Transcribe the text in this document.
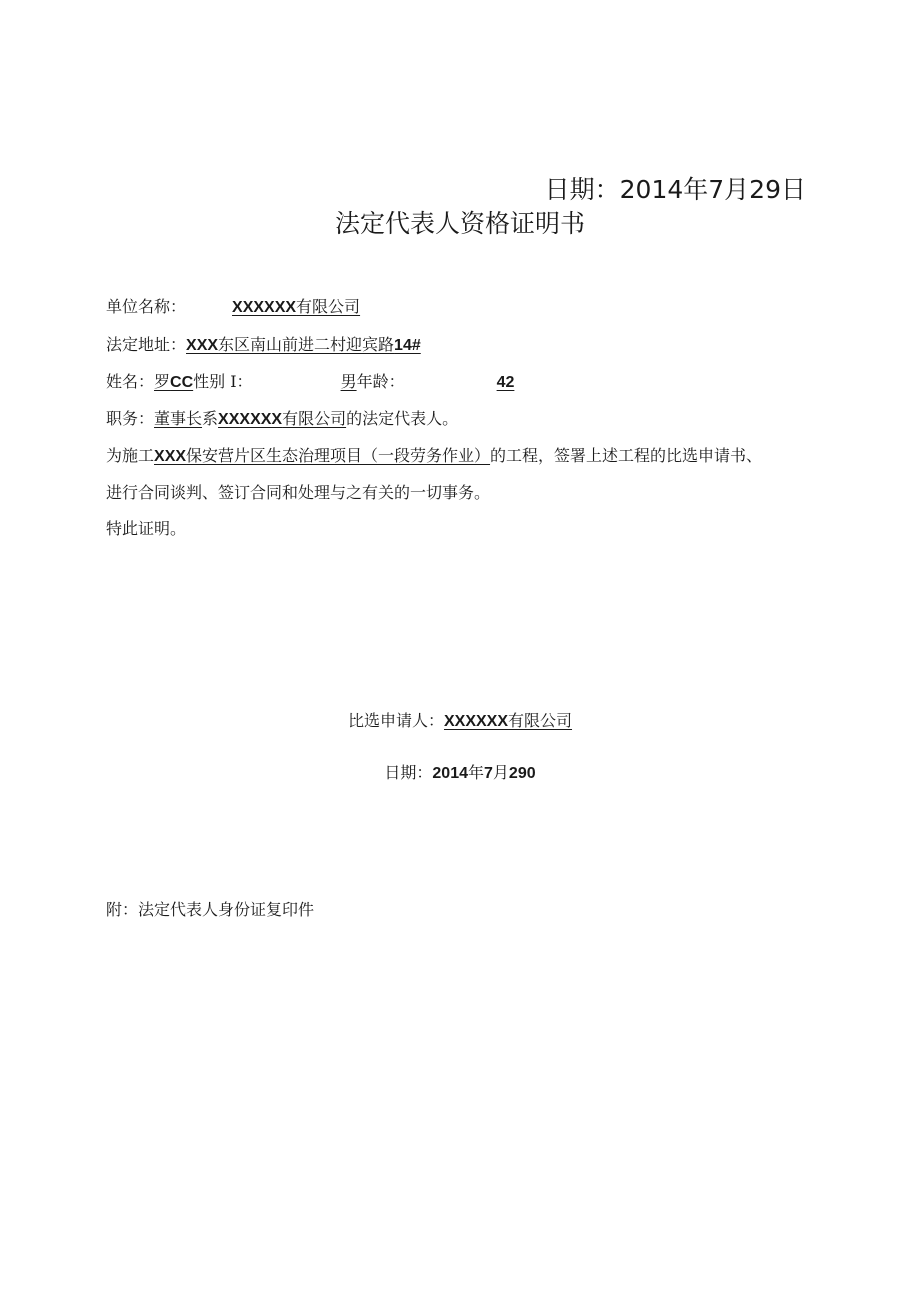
日期：2014年7月29日
法定代表人资格证明书
单位名称：	XXXXXX有限公司
法定地址：XXX东区南山前进二村迎宾路14#
姓名：罗CC性别 I：	男年龄：	42
职务：董事长系XXXXXX有限公司的法定代表人。
为施工XXX保安营片区生态治理项目（一段劳务作业）的工程，签署上述工程的比选申请书、
进行合同谈判、签订合同和处理与之有关的一切事务。
特此证明。
比选申请人：XXXXXX有限公司
日期：2014年7月290
附：法定代表人身份证复印件
